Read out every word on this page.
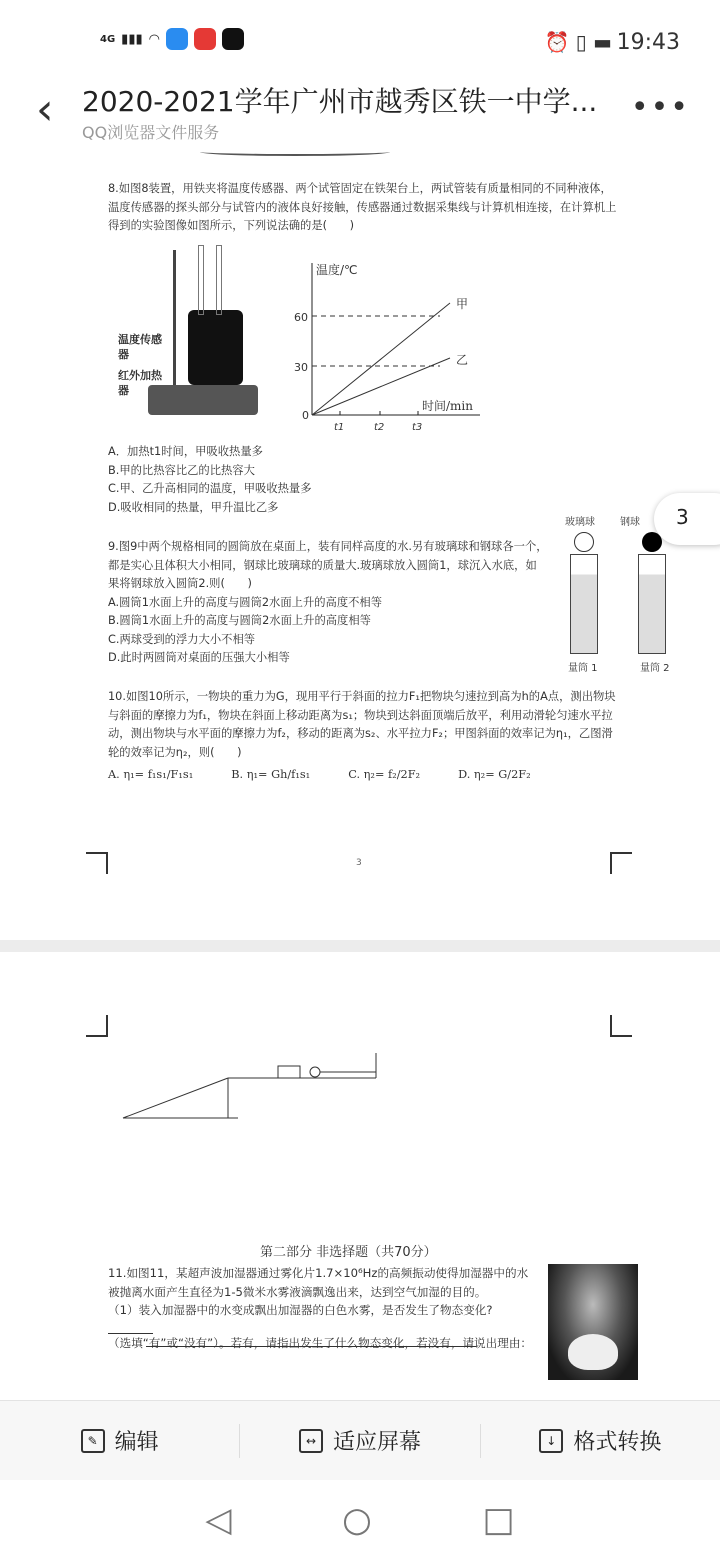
4G ▮▮▮ ◠	⏰ ▯ ▬ 19:43
‹ 2020-2021学年广州市越秀区铁一中学...
QQ浏览器文件服务
•••
8.如图8装置，用铁夹将温度传感器、两个试管固定在铁架台上，两试管装有质量相同的不同种液体，温度传感器的探头部分与试管内的液体良好接触，传感器通过数据采集线与计算机相连接，在计算机上得到的实验图像如图所示，下列说法确的是(　　)
温度传感器
红外加热器
温度/℃
时间/min
60
30
0
t1	t2	t3
甲
乙
A．加热t1时间，甲吸收热量多
B.甲的比热容比乙的比热容大
C.甲、乙升高相同的温度，甲吸收热量多
D.吸收相同的热量，甲升温比乙多
9.图9中两个规格相同的圆筒放在桌面上，装有同样高度的水.另有玻璃球和钢球各一个，都是实心且体积大小相同，钢球比玻璃球的质量大.玻璃球放入圆筒1，球沉入水底，如果将钢球放入圆筒2.则(　　)
A.圆筒1水面上升的高度与圆筒2水面上升的高度不相等
B.圆筒1水面上升的高度与圆筒2水面上升的高度相等
C.两球受到的浮力大小不相等
D.此时两圆筒对桌面的压强大小相等
玻璃球	钢球
量筒 1	量筒 2
10.如图10所示，一物块的重力为G，现用平行于斜面的拉力F₁把物块匀速拉到高为h的A点，测出物块与斜面的摩擦力为f₁，物块在斜面上移动距离为s₁；物块到达斜面顶端后放平，利用动滑轮匀速水平拉动，测出物块与水平面的摩擦力为f₂，移动的距离为s₂、水平拉力F₂；甲图斜面的效率记为η₁，乙图滑轮的效率记为η₂，则(　　)
A. η₁= f₁s₁/F₁s₁	B. η₁= Gh/f₁s₁	C. η₂= f₂/2F₂	D. η₂= G/2F₂
3
3
第二部分 非选择题（共70分）
11.如图11，某超声波加湿器通过雾化片1.7×10⁶Hz的高频振动使得加湿器中的水被抛离水面产生直径为1-5微米水雾液滴飘逸出来，达到空气加湿的目的。
（1）装入加湿器中的水变成飘出加湿器的白色水雾，是否发生了物态变化?
（选填“有”或“没有”）。若有，请指出发生了什么物态变化，若没有，请说出理由：
✎ 编辑	↔ 适应屏幕	↓ 格式转换
◁	○	□
